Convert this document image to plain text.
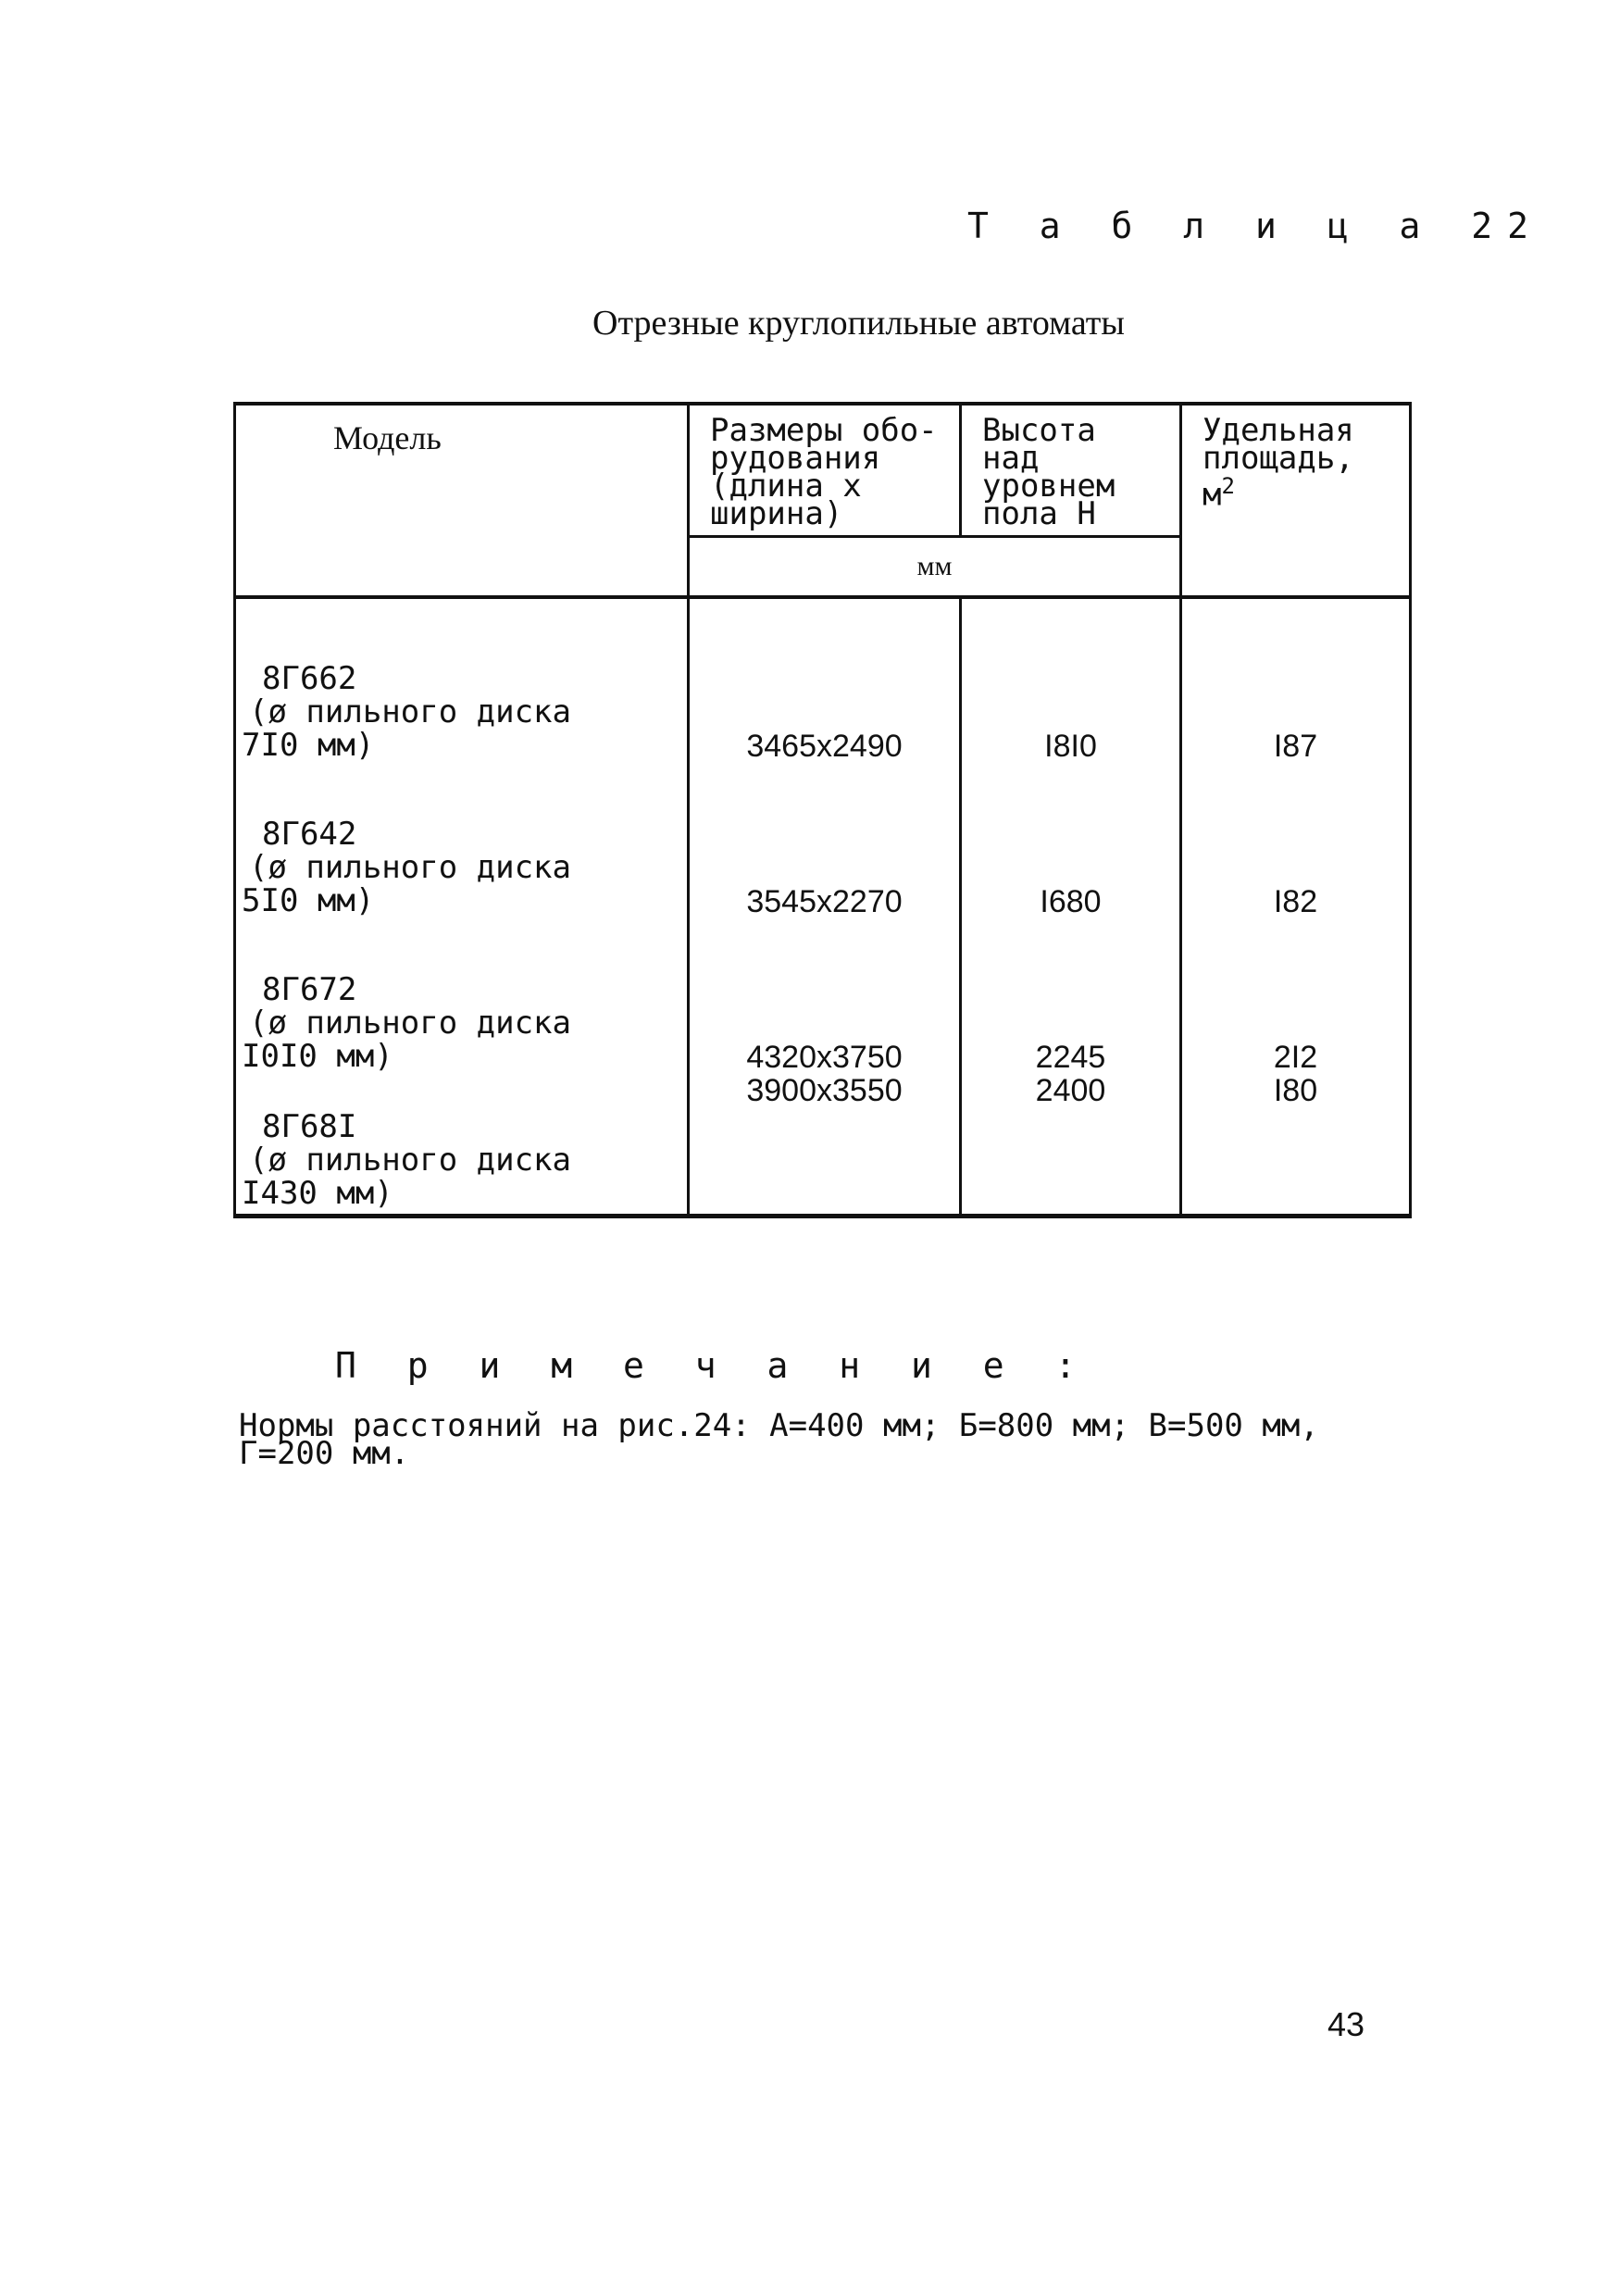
Т а б л и ц а 22
Отрезные круглопильные автоматы
Модель	Размеры обо-рудования (длина х ширина)	Высота над уровнем пола Н	Удельная площадь, $м^2$

	мм		

8Г662
(ø пильного диска
7I0 мм)	3465х2490	I8I0	I87

8Г642
(ø пильного диска
5I0 мм)	3545х2270	I680	I82

8Г672
(ø пильного диска
I0I0 мм)	4320х3750	2245	2I2

8Г68I
(ø пильного диска
I430 мм)	3900х3550	2400	I80
П р и м е ч а н и е :
Нормы расстояний на рис.24: А=400 мм; Б=800 мм; В=500 мм, Г=200 мм.
43
